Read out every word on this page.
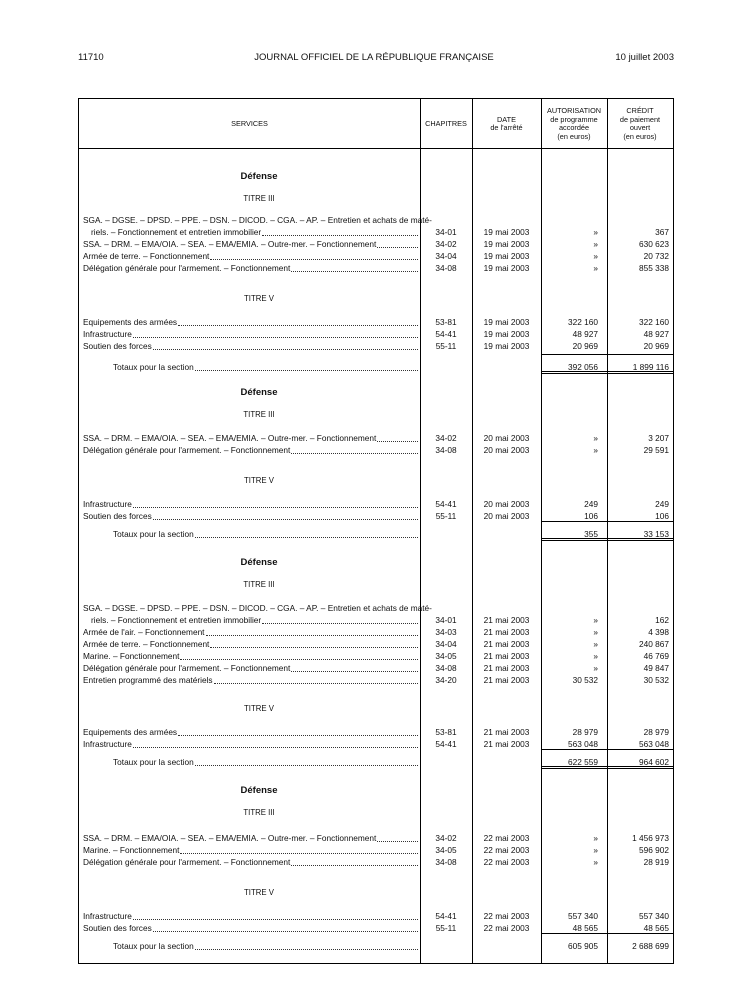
11710	JOURNAL OFFICIEL DE LA RÉPUBLIQUE FRANÇAISE	10 juillet 2003
SERVICES	CHAPITRES	DATE
de l'arrêté
AUTORISATION
de programme
accordée
(en euros)
CRÉDIT
de paiement
ouvert
(en euros)
Défense
TITRE III
SGA. – DGSE. – DPSD. – PPE. – DSN. – DICOD. – CGA. – AP. – Entretien et achats de maté-
riels. – Fonctionnement et entretien immobilier	34-01	19 mai 2003	»	367
SSA. – DRM. – EMA/OIA. – SEA. – EMA/EMIA. – Outre-mer. – Fonctionnement	34-02	19 mai 2003	»	630 623
Armée de terre. – Fonctionnement	34-04	19 mai 2003	»	20 732
Délégation générale pour l'armement. – Fonctionnement	34-08	19 mai 2003	»	855 338
TITRE V
Equipements des armées	53-81	19 mai 2003	322 160	322 160
Infrastructure	54-41	19 mai 2003	48 927	48 927
Soutien des forces	55-11	19 mai 2003	20 969	20 969
Totaux pour la section	392 056	1 899 116
Défense
TITRE III
SSA. – DRM. – EMA/OIA. – SEA. – EMA/EMIA. – Outre-mer. – Fonctionnement	34-02	20 mai 2003	»	3 207
Délégation générale pour l'armement. – Fonctionnement	34-08	20 mai 2003	»	29 591
TITRE V
Infrastructure	54-41	20 mai 2003	249	249
Soutien des forces	55-11	20 mai 2003	106	106
Totaux pour la section	355	33 153
Défense
TITRE III
SGA. – DGSE. – DPSD. – PPE. – DSN. – DICOD. – CGA. – AP. – Entretien et achats de maté-
riels. – Fonctionnement et entretien immobilier	34-01	21 mai 2003	»	162
Armée de l'air. – Fonctionnement	34-03	21 mai 2003	»	4 398
Armée de terre. – Fonctionnement	34-04	21 mai 2003	»	240 867
Marine. – Fonctionnement	34-05	21 mai 2003	»	46 769
Délégation générale pour l'armement. – Fonctionnement	34-08	21 mai 2003	»	49 847
Entretien programmé des matériels	34-20	21 mai 2003	30 532	30 532
TITRE V
Equipements des armées	53-81	21 mai 2003	28 979	28 979
Infrastructure	54-41	21 mai 2003	563 048	563 048
Totaux pour la section	622 559	964 602
Défense
TITRE III
SSA. – DRM. – EMA/OIA. – SEA. – EMA/EMIA. – Outre-mer. – Fonctionnement	34-02	22 mai 2003	»	1 456 973
Marine. – Fonctionnement	34-05	22 mai 2003	»	596 902
Délégation générale pour l'armement. – Fonctionnement	34-08	22 mai 2003	»	28 919
TITRE V
Infrastructure	54-41	22 mai 2003	557 340	557 340
Soutien des forces	55-11	22 mai 2003	48 565	48 565
Totaux pour la section	605 905	2 688 699
